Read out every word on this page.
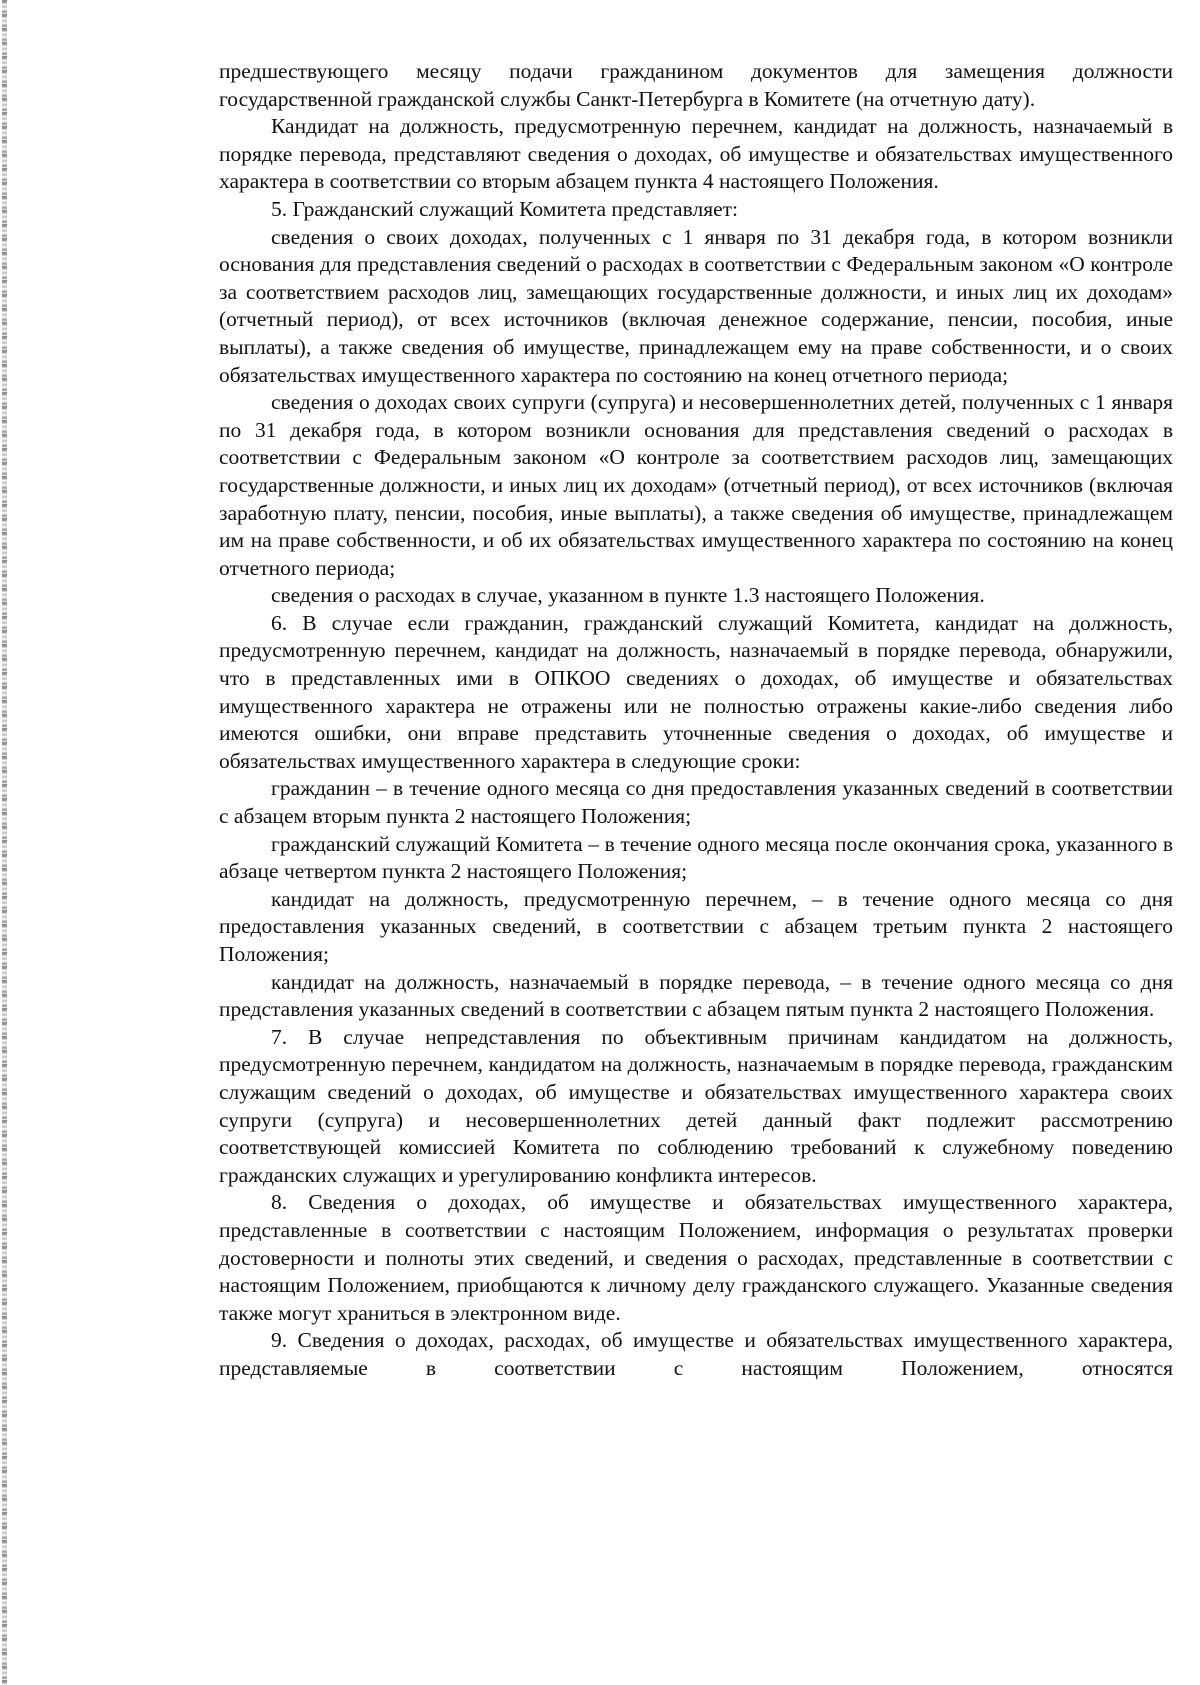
предшествующего месяцу подачи гражданином документов для замещения должности государственной гражданской службы Санкт-Петербурга в Комитете (на отчетную дату).

Кандидат на должность, предусмотренную перечнем, кандидат на должность, назначаемый в порядке перевода, представляют сведения о доходах, об имуществе и обязательствах имущественного характера в соответствии со вторым абзацем пункта 4 настоящего Положения.

5. Гражданский служащий Комитета представляет:

сведения о своих доходах, полученных с 1 января по 31 декабря года, в котором возникли основания для представления сведений о расходах в соответствии с Федеральным законом «О контроле за соответствием расходов лиц, замещающих государственные должности, и иных лиц их доходам» (отчетный период), от всех источников (включая денежное содержание, пенсии, пособия, иные выплаты), а также сведения об имуществе, принадлежащем ему на праве собственности, и о своих обязательствах имущественного характера по состоянию на конец отчетного периода;

сведения о доходах своих супруги (супруга) и несовершеннолетних детей, полученных с 1 января по 31 декабря года, в котором возникли основания для представления сведений о расходах в соответствии с Федеральным законом «О контроле за соответствием расходов лиц, замещающих государственные должности, и иных лиц их доходам» (отчетный период), от всех источников (включая заработную плату, пенсии, пособия, иные выплаты), а также сведения об имуществе, принадлежащем им на праве собственности, и об их обязательствах имущественного характера по состоянию на конец отчетного периода;

сведения о расходах в случае, указанном в пункте 1.3 настоящего Положения.

6. В случае если гражданин, гражданский служащий Комитета, кандидат на должность, предусмотренную перечнем, кандидат на должность, назначаемый в порядке перевода, обнаружили, что в представленных ими в ОПКОО сведениях о доходах, об имуществе и обязательствах имущественного характера не отражены или не полностью отражены какие-либо сведения либо имеются ошибки, они вправе представить уточненные сведения о доходах, об имуществе и обязательствах имущественного характера в следующие сроки:

гражданин – в течение одного месяца со дня предоставления указанных сведений в соответствии с абзацем вторым пункта 2 настоящего Положения;

гражданский служащий Комитета – в течение одного месяца после окончания срока, указанного в абзаце четвертом пункта 2 настоящего Положения;

кандидат на должность, предусмотренную перечнем, – в течение одного месяца со дня предоставления указанных сведений, в соответствии с абзацем третьим пункта 2 настоящего Положения;

кандидат на должность, назначаемый в порядке перевода, – в течение одного месяца со дня представления указанных сведений в соответствии с абзацем пятым пункта 2 настоящего Положения.

7. В случае непредставления по объективным причинам кандидатом на должность, предусмотренную перечнем, кандидатом на должность, назначаемым в порядке перевода, гражданским служащим сведений о доходах, об имуществе и обязательствах имущественного характера своих супруги (супруга) и несовершеннолетних детей данный факт подлежит рассмотрению соответствующей комиссией Комитета по соблюдению требований к служебному поведению гражданских служащих и урегулированию конфликта интересов.

8. Сведения о доходах, об имуществе и обязательствах имущественного характера, представленные в соответствии с настоящим Положением, информация о результатах проверки достоверности и полноты этих сведений, и сведения о расходах, представленные в соответствии с настоящим Положением, приобщаются к личному делу гражданского служащего. Указанные сведения также могут храниться в электронном виде.

9. Сведения о доходах, расходах, об имуществе и обязательствах имущественного характера, представляемые в соответствии с настоящим Положением, относятся
